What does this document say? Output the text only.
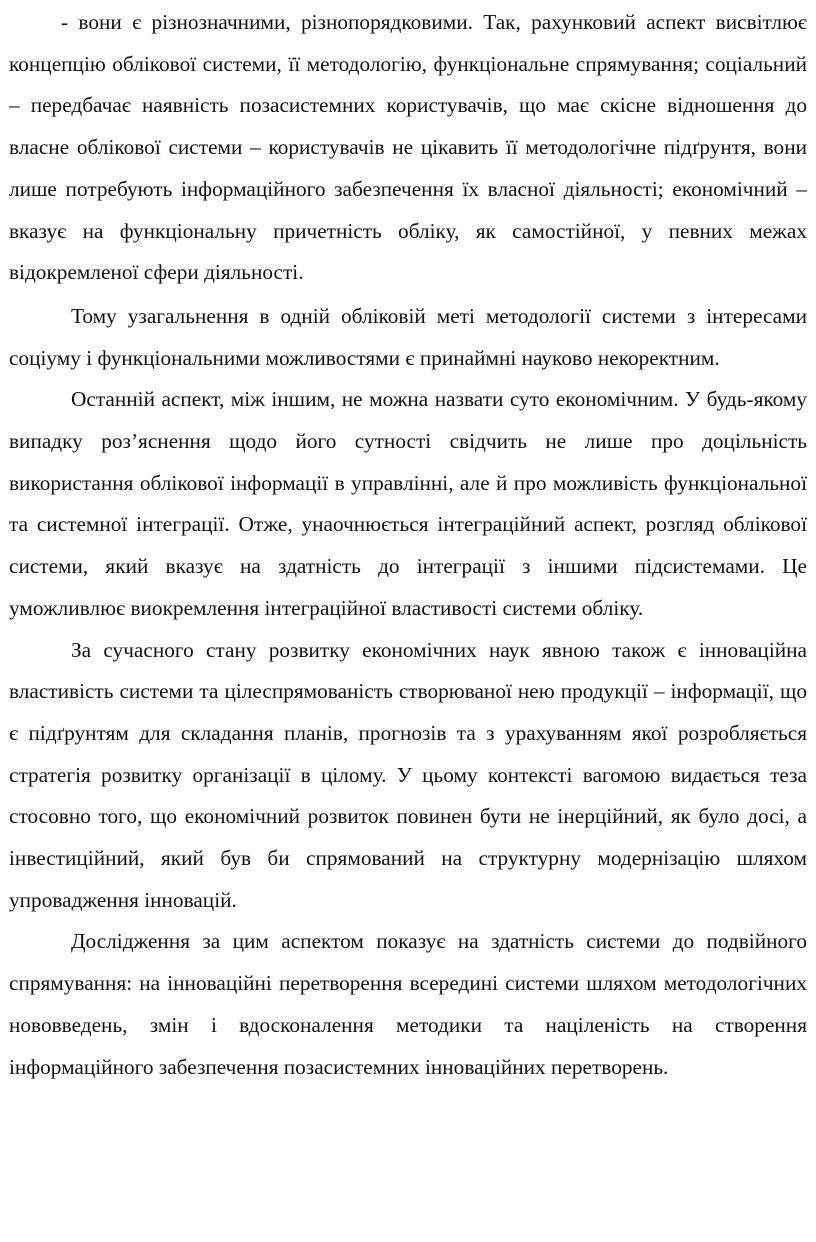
- вони є різнозначними, різнопорядковими. Так, рахунковий аспект висвітлює концепцію облікової системи, її методологію, функціональне спрямування; соціальний – передбачає наявність позасистемних користувачів, що має скісне відношення до власне облікової системи – користувачів не цікавить її методологічне підґрунтя, вони лише потребують інформаційного забезпечення їх власної діяльності; економічний – вказує на функціональну причетність обліку, як самостійної, у певних межах відокремленої сфери діяльності.

Тому узагальнення в одній обліковій меті методології системи з інтересами соціуму і функціональними можливостями є принаймні науково некоректним.

Останній аспект, між іншим, не можна назвати суто економічним. У будь-якому випадку роз’яснення щодо його сутності свідчить не лише про доцільність використання облікової інформації в управлінні, але й про можливість функціональної та системної інтеграції. Отже, унаочнюється інтеграційний аспект, розгляд облікової системи, який вказує на здатність до інтеграції з іншими підсистемами. Це уможливлює виокремлення інтеграційної властивості системи обліку.

За сучасного стану розвитку економічних наук явною також є інноваційна властивість системи та цілеспрямованість створюваної нею продукції – інформації, що є підґрунтям для складання планів, прогнозів та з урахуванням якої розробляється стратегія розвитку організації в цілому. У цьому контексті вагомою видається теза стосовно того, що економічний розвиток повинен бути не інерційний, як було досі, а інвестиційний, який був би спрямований на структурну модернізацію шляхом упровадження інновацій.

Дослідження за цим аспектом показує на здатність системи до подвійного спрямування: на інноваційні перетворення всередині системи шляхом методологічних нововведень, змін і вдосконалення методики та націленість на створення інформаційного забезпечення позасистемних інноваційних перетворень.
